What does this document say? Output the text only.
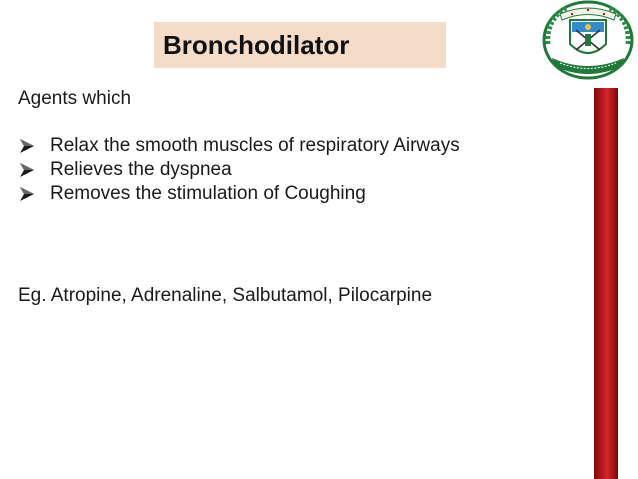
Bronchodilator
Agents which
Relax the smooth muscles of respiratory Airways
Relieves the dyspnea
Removes the stimulation of Coughing
Eg. Atropine, Adrenaline, Salbutamol, Pilocarpine
